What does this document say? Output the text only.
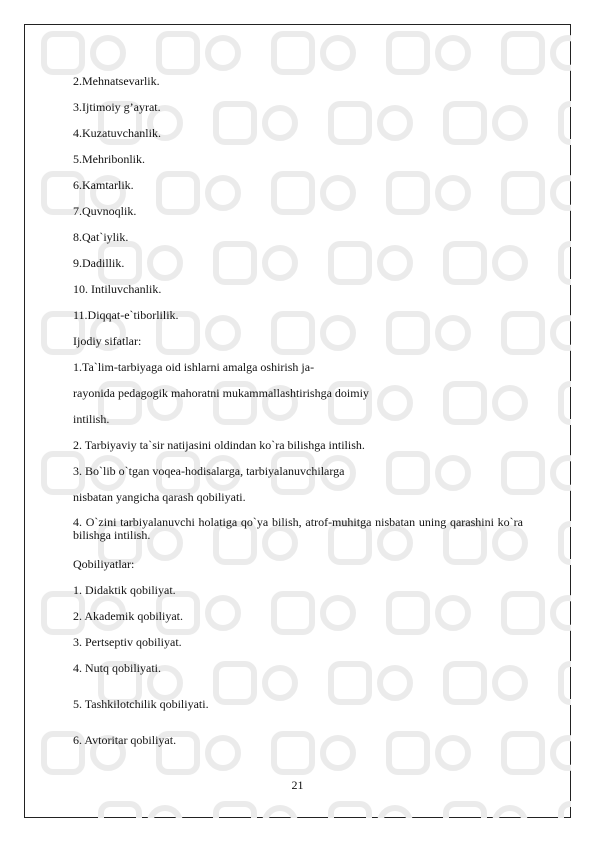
2.Mehnatsevarlik.
3.Ijtimoiy g’ayrat.
4.Kuzatuvchanlik.
5.Mehribonlik.
6.Kamtarlik.
7.Quvnoqlik.
8.Qat`iylik.
9.Dadillik.
10. Intiluvchanlik.
11.Diqqat-e`tiborlilik.
Ijodiy sifatlar:
1.Ta`lim-tarbiyaga oid ishlarni amalga oshirish ja-
rayonida pedagogik mahoratni mukammallashtirishga doimiy
intilish.
2. Tarbiyaviy ta`sir natijasini oldindan ko`ra bilishga intilish.
3. Bo`lib o`tgan voqea-hodisalarga, tarbiyalanuvchilarga
nisbatan yangicha qarash qobiliyati.
4. O`zini tarbiyalanuvchi holatiga qo`ya bilish, atrof-muhitga nisbatan uning qarashini ko`ra bilishga intilish.
Qobiliyatlar:
1. Didaktik qobiliyat.
2. Akademik qobiliyat.
3. Pertseptiv qobiliyat.
4. Nutq qobiliyati.
5. Tashkilotchilik qobiliyati.
6. Avtoritar qobiliyat.
21
